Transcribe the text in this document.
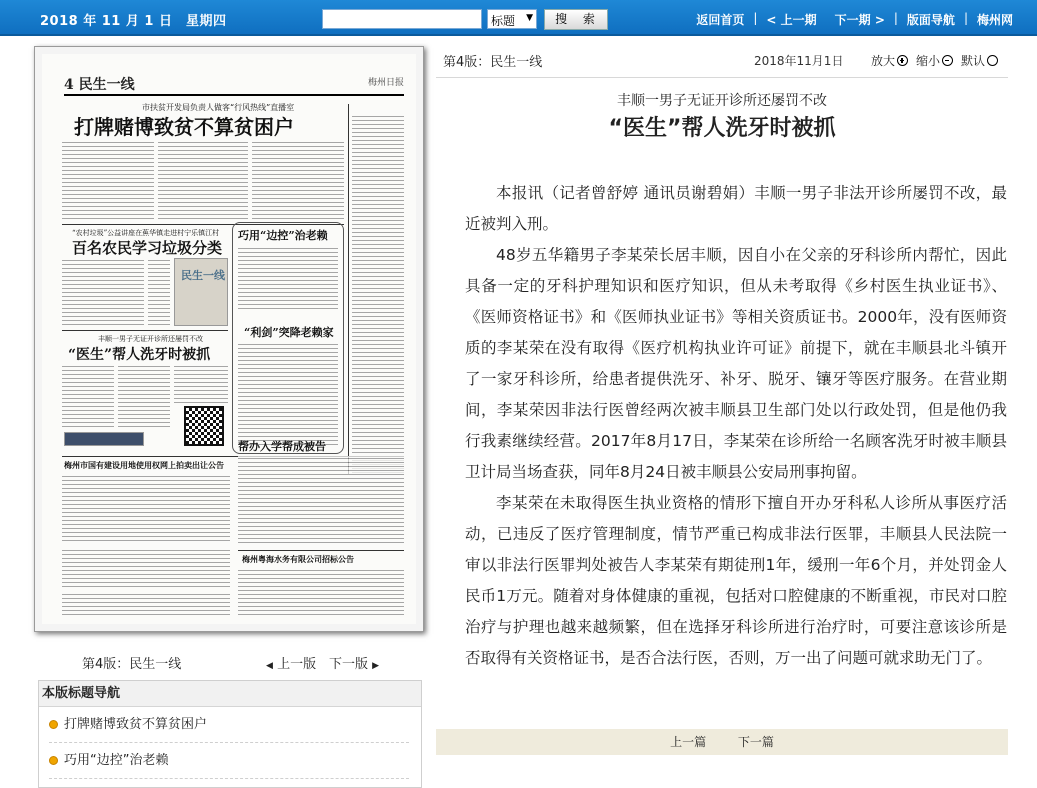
2018 年 11 月 1 日　星期四	标题 ▼	搜 索	返回首页 | < 上一期 下一期 > | 版面导航 | 梅州网
4 民生一线	梅州日报
市扶贫开发局负责人做客“行风热线”直播室
打牌赌博致贫不算贫困户
“农村垃圾”公益讲座在蕉华镇走进村宁乐镇江村
百名农民学习垃圾分类
民生一线
巧用“边控”治老赖
“利剑”突降老赖家
丰顺一男子无证开诊所还屡罚不改
“医生”帮人洗牙时被抓
梅州市国有建设用地使用权网上拍卖出让公告
帮办入学帮成被告
梅州粤海水务有限公司招标公告
第4版：民生一线	◀ 上一版 下一版 ▶
本版标题导航
打牌赌博致贫不算贫困户
巧用“边控”治老赖
第4版：民生一线	2018年11月1日 放大 缩小 默认
丰顺一男子无证开诊所还屡罚不改
“医生”帮人洗牙时被抓

本报讯（记者曾舒婷 通讯员谢碧娟）丰顺一男子非法开诊所屡罚不改，最近被判入刑。

48岁五华籍男子李某荣长居丰顺，因自小在父亲的牙科诊所内帮忙，因此具备一定的牙科护理知识和医疗知识，但从未考取得《乡村医生执业证书》、《医师资格证书》和《医师执业证书》等相关资质证书。2000年，没有医师资质的李某荣在没有取得《医疗机构执业许可证》前提下，就在丰顺县北斗镇开了一家牙科诊所，给患者提供洗牙、补牙、脱牙、镶牙等医疗服务。在营业期间，李某荣因非法行医曾经两次被丰顺县卫生部门处以行政处罚，但是他仍我行我素继续经营。2017年8月17日，李某荣在诊所给一名顾客洗牙时被丰顺县卫计局当场查获，同年8月24日被丰顺县公安局刑事拘留。

李某荣在未取得医生执业资格的情形下擅自开办牙科私人诊所从事医疗活动，已违反了医疗管理制度，情节严重已构成非法行医罪，丰顺县人民法院一审以非法行医罪判处被告人李某荣有期徒刑1年，缓刑一年6个月，并处罚金人民币1万元。随着对身体健康的重视，包括对口腔健康的不断重视，市民对口腔治疗与护理也越来越频繁，但在选择牙科诊所进行治疗时，可要注意该诊所是否取得有关资格证书，是否合法行医，否则，万一出了问题可就求助无门了。

上一篇	下一篇
